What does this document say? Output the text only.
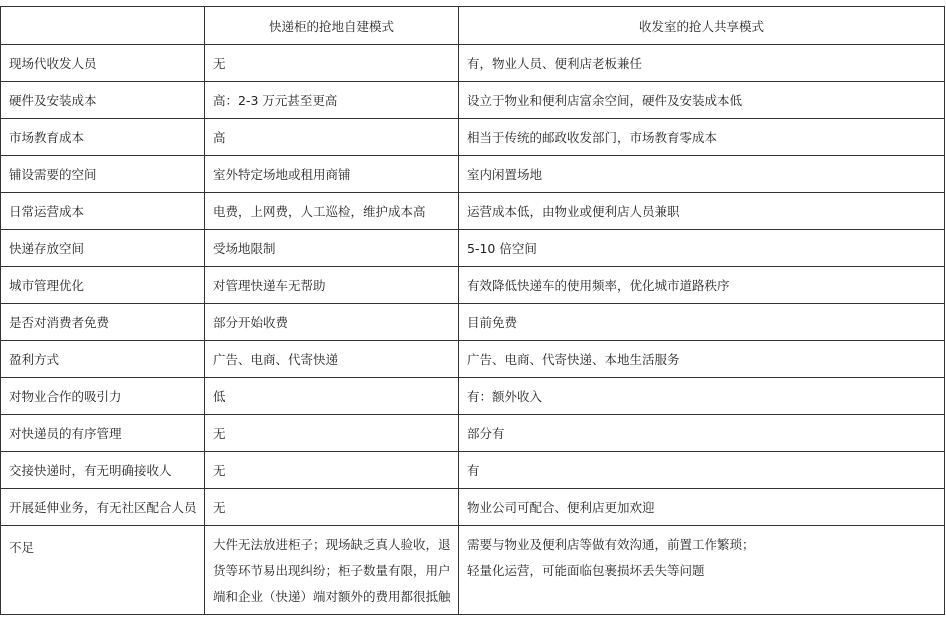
	快递柜的抢地自建模式	收发室的抢人共享模式
现场代收发人员	无	有，物业人员、便利店老板兼任
硬件及安装成本	高：2-3 万元甚至更高	设立于物业和便利店富余空间，硬件及安装成本低
市场教育成本	高	相当于传统的邮政收发部门，市场教育零成本
铺设需要的空间	室外特定场地或租用商铺	室内闲置场地
日常运营成本	电费，上网费，人工巡检，维护成本高	运营成本低，由物业或便利店人员兼职
快递存放空间	受场地限制	5-10 倍空间
城市管理优化	对管理快递车无帮助	有效降低快递车的使用频率，优化城市道路秩序
是否对消费者免费	部分开始收费	目前免费
盈利方式	广告、电商、代寄快递	广告、电商、代寄快递、本地生活服务
对物业合作的吸引力	低	有：额外收入
对快递员的有序管理	无	部分有
交接快递时，有无明确接收人	无	有
开展延伸业务，有无社区配合人员	无	物业公司可配合、便利店更加欢迎
不足	大件无法放进柜子；现场缺乏真人验收，退
货等环节易出现纠纷；柜子数量有限，用户
端和企业（快递）端对额外的费用都很抵触	需要与物业及便利店等做有效沟通，前置工作繁琐；
轻量化运营，可能面临包裹损坏丢失等问题
